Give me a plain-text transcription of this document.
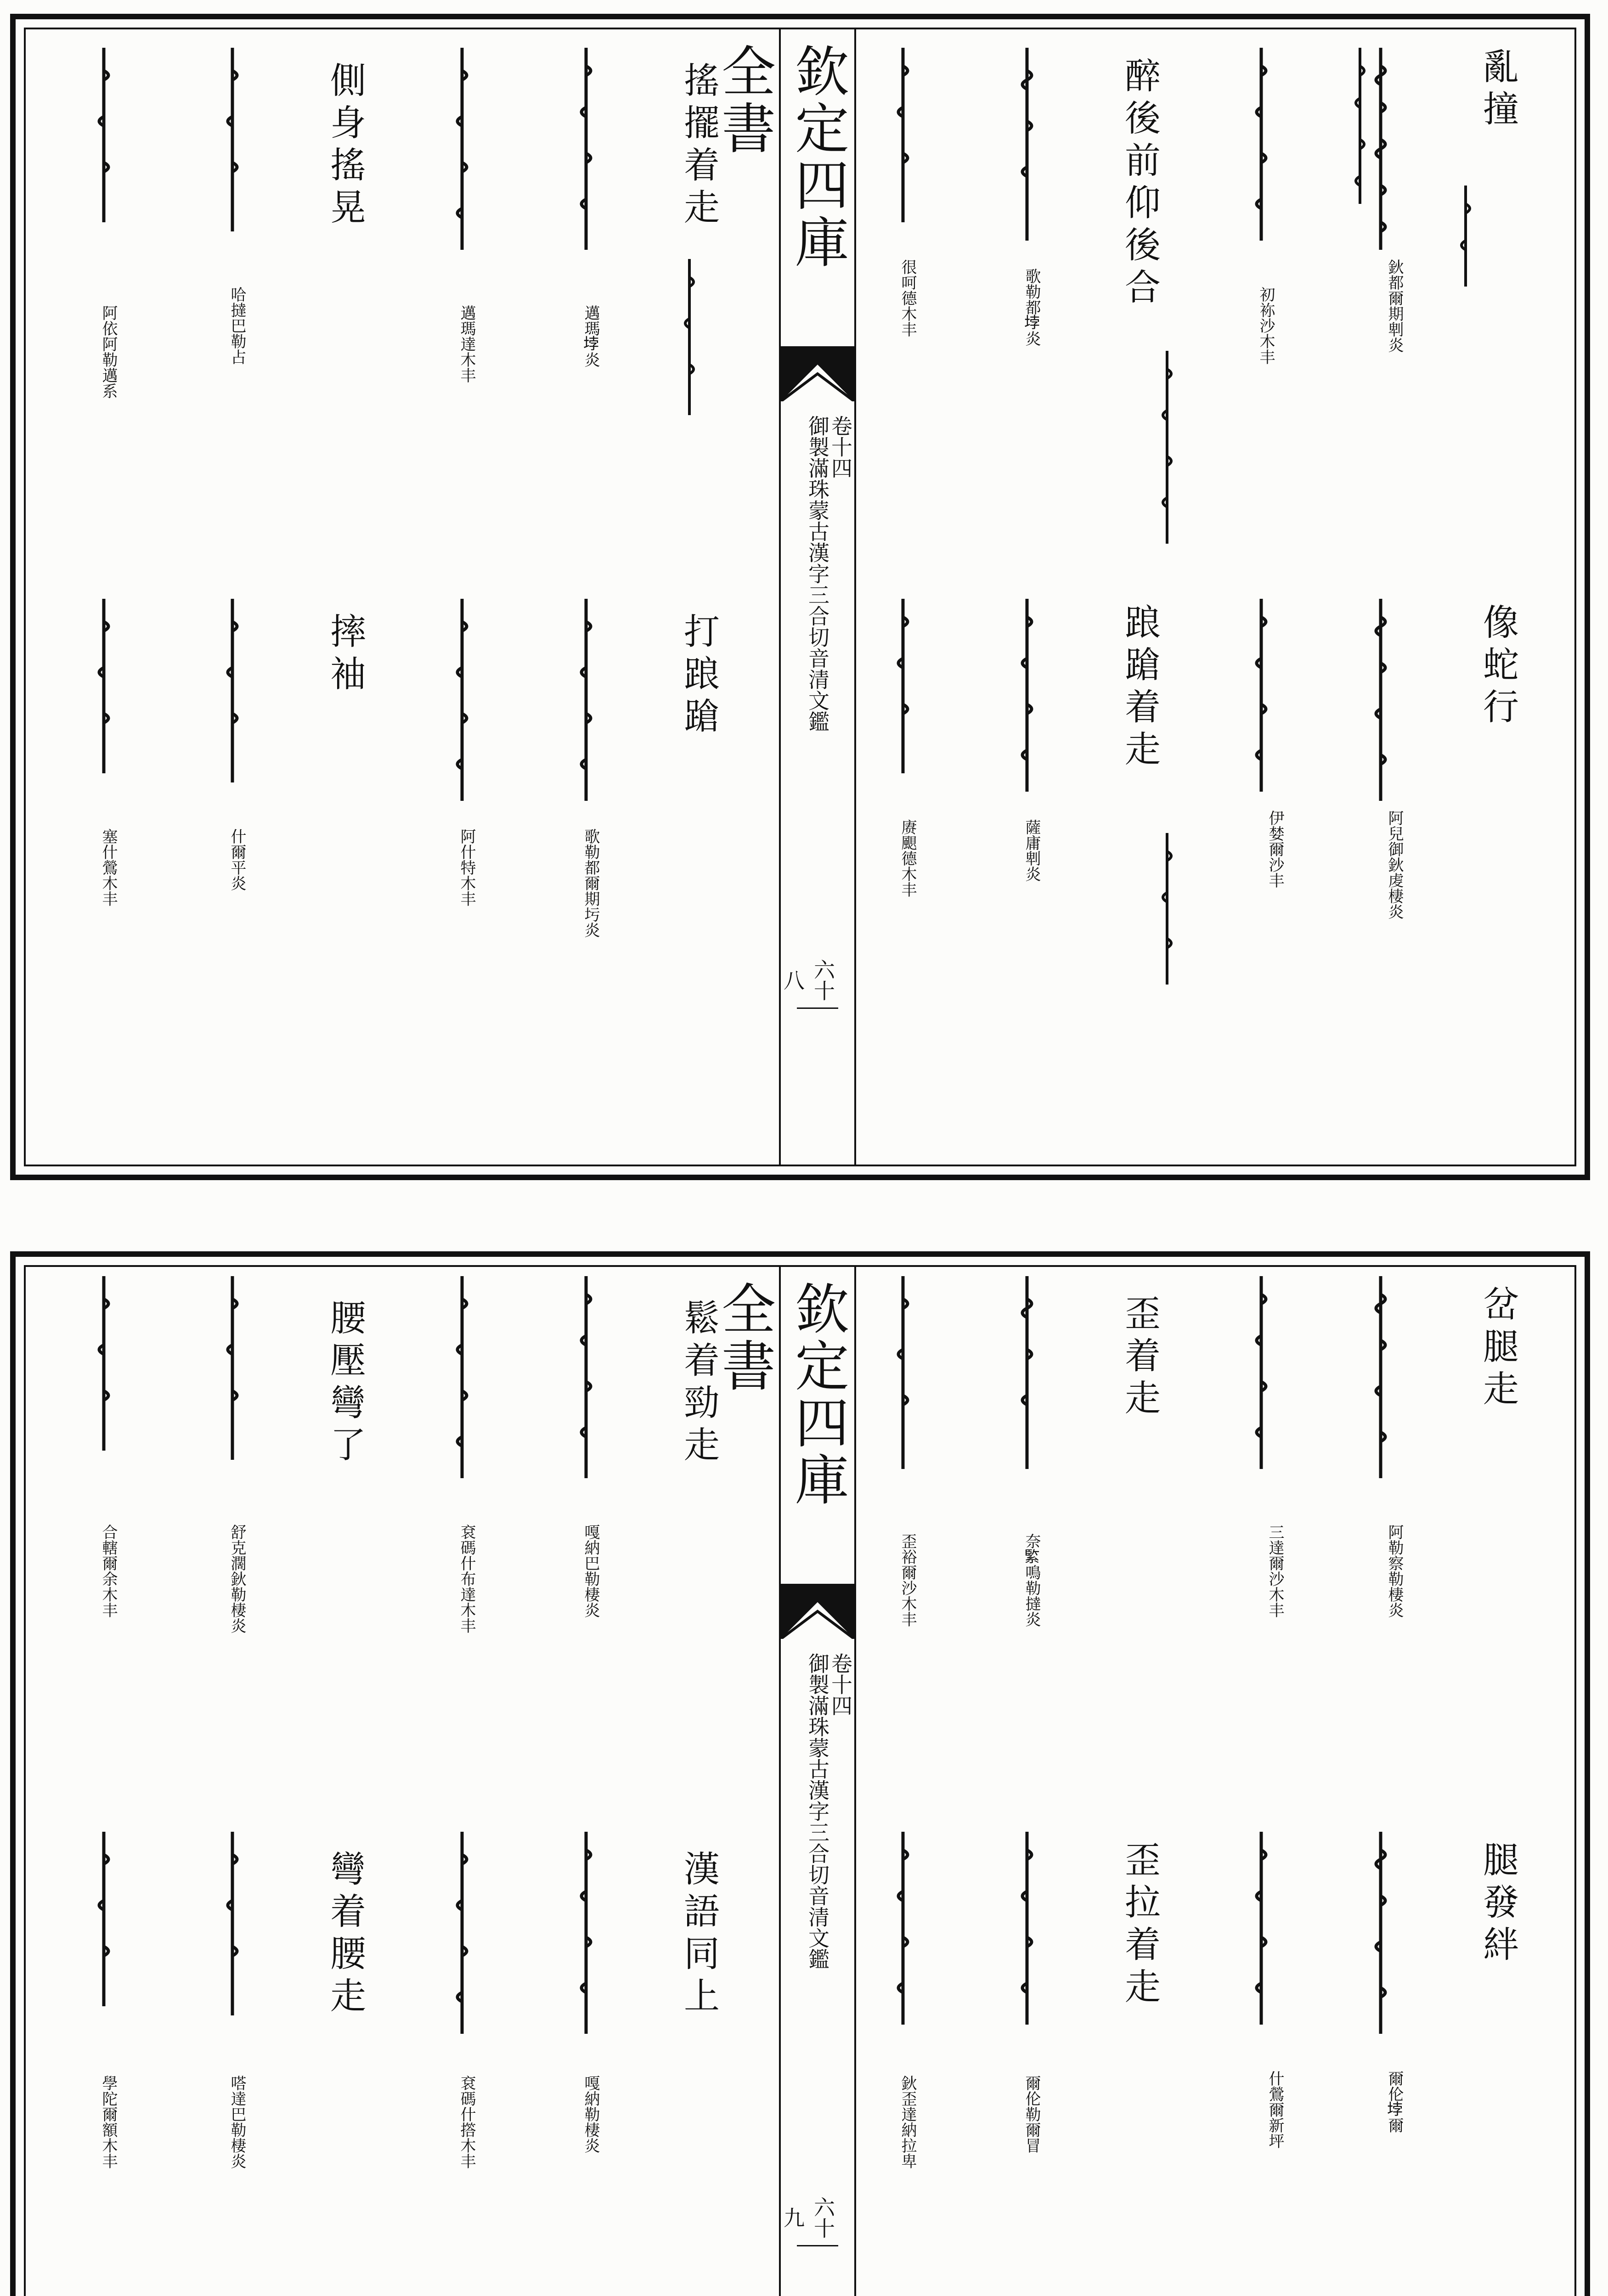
欽定四庫全書
卷十四
御製滿珠蒙古漢字三合切音清文鑑
六十八
亂撞
鈥都爾期𠜱炎
像蛇行
阿兒御鈥䖍棲炎
伊婪爾沙丰
醉後前仰後合
初袮沙木丰
歌勒都𡋯炎
踉蹌着走
薩庸𠜱炎
很呵德木丰
赓𩗗德木丰
搖擺着走
邁瑪𡋯炎
歌勒都爾期圬炎
打踉蹌
邁瑪達木丰
阿什特木丰
側身搖晃
哈撻巴勒占
什爾平炎
摔袖
阿依阿勒邁系
塞什鶯木丰
欽定四庫全書
卷十四
御製滿珠蒙古漢字三合切音清文鑑
六十九
岔腿走
阿勒察勒棲炎
三達爾沙木丰
腿發絆
爾伦𡋯爾
什鶯爾新坪
歪着走
奈𦂳鳴勒撻炎
歪裕爾沙木丰
歪拉着走
爾伦勒爾冒
鈥歪達納拉卑
鬆着勁走
嘎納巴勒棲炎
嘎納勒棲炎
漢語同上
袞碼什布達木丰
袞碼什撘木丰
腰壓彎了
舒克濶鈥勒棲炎
嗒達巴勒棲炎
彎着腰走
合轄爾余木丰
學陀爾額木丰
